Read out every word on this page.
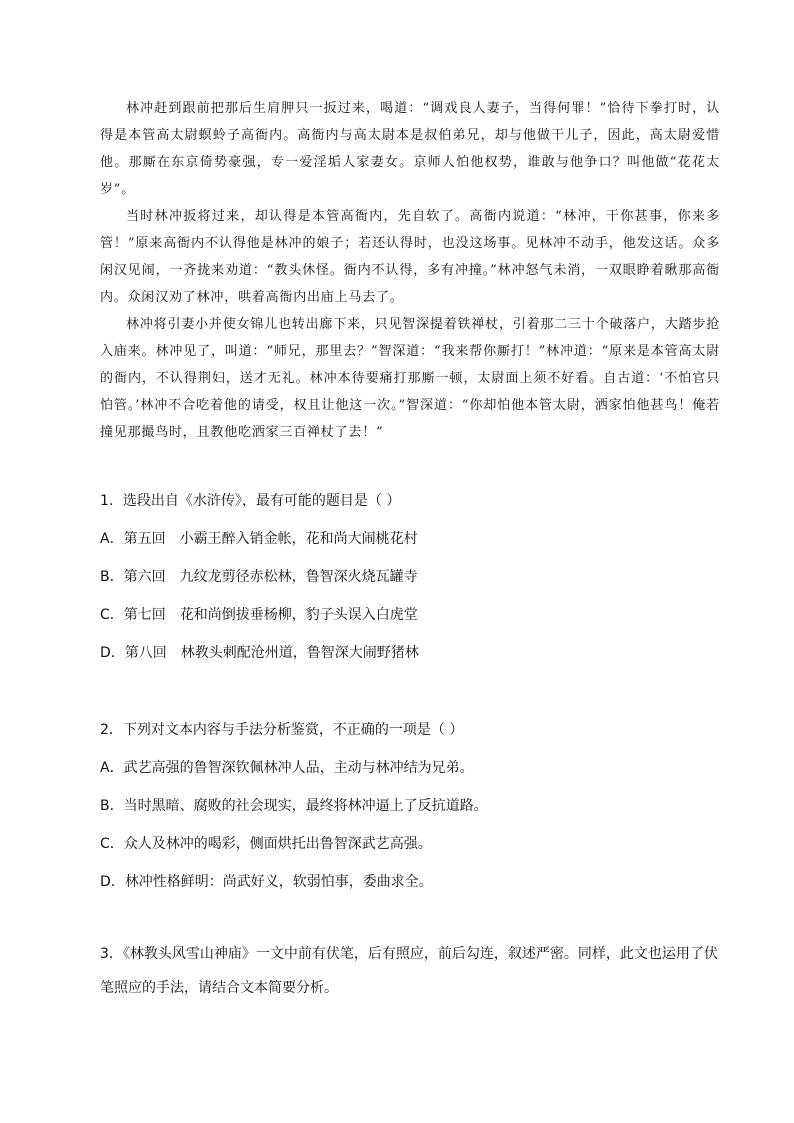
林冲赶到跟前把那后生肩胛只一扳过来，喝道：“调戏良人妻子，当得何罪！”恰待下拳打时，认得是本管高太尉螟蛉子高衙内。高衙内与高太尉本是叔伯弟兄，却与他做干儿子，因此，高太尉爱惜他。那厮在东京倚势豪强，专一爱淫垢人家妻女。京师人怕他权势，谁敢与他争口？叫他做“花花太岁”。

当时林冲扳将过来，却认得是本管高衙内，先自软了。高衙内说道：“林冲，干你甚事，你来多管！”原来高衙内不认得他是林冲的娘子；若还认得时，也没这场事。见林冲不动手，他发这话。众多闲汉见闹，一齐拢来劝道：“教头休怪。衙内不认得，多有冲撞。”林冲怒气未消，一双眼睁着瞅那高衙内。众闲汉劝了林冲，哄着高衙内出庙上马去了。

林冲将引妻小并使女锦儿也转出廊下来，只见智深提着铁禅杖，引着那二三十个破落户，大踏步抢入庙来。林冲见了，叫道：“师兄，那里去？”智深道：“我来帮你厮打！”林冲道：“原来是本管高太尉的衙内，不认得荆妇，送才无礼。林冲本待要痛打那厮一顿，太尉面上须不好看。自古道：‘不怕官只怕管。’林冲不合吃着他的请受，权且让他这一次。”智深道：“你却怕他本管太尉，洒家怕他甚鸟！俺若撞见那撮鸟时，且教他吃洒家三百禅杖了去！”

1．选段出自《水浒传》，最有可能的题目是（ ）

A．第五回　小霸王醉入销金帐，花和尚大闹桃花村

B．第六回　九纹龙剪径赤松林，鲁智深火烧瓦罐寺

C．第七回　花和尚倒拔垂杨柳，豹子头误入白虎堂

D．第八回　林教头刺配沧州道，鲁智深大闹野猪林

2．下列对文本内容与手法分析鉴赏，不正确的一项是（ ）

A．武艺高强的鲁智深钦佩林冲人品，主动与林冲结为兄弟。

B．当时黑暗、腐败的社会现实，最终将林冲逼上了反抗道路。

C．众人及林冲的喝彩，侧面烘托出鲁智深武艺高强。

D．林冲性格鲜明：尚武好义，软弱怕事，委曲求全。

3．《林教头风雪山神庙》一文中前有伏笔，后有照应，前后勾连，叙述严密。同样，此文也运用了伏笔照应的手法，请结合文本简要分析。
